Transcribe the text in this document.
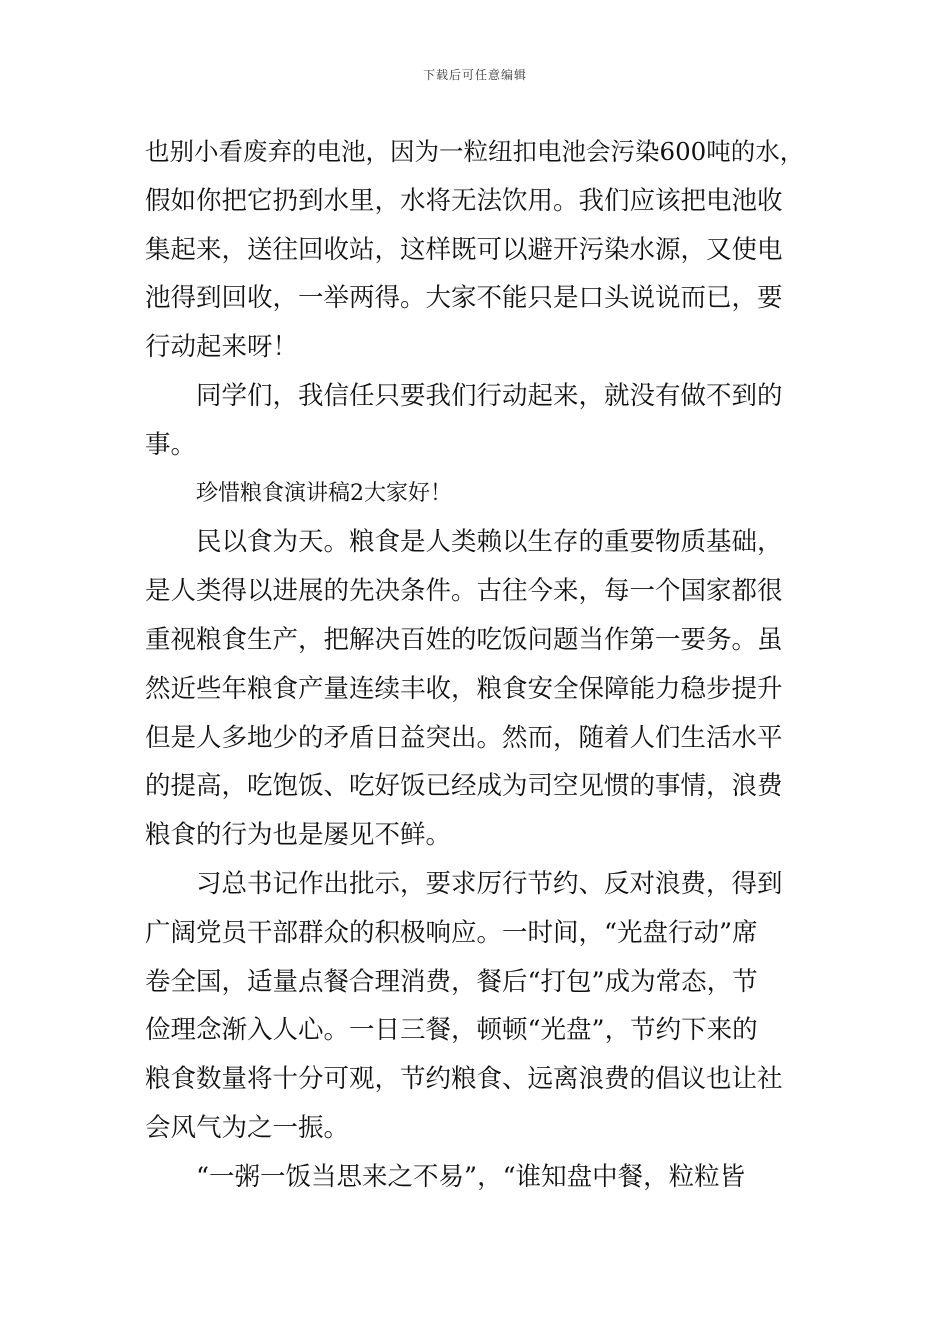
下载后可任意编辑
也别小看废弃的电池，因为一粒纽扣电池会污染600吨的水，
假如你把它扔到水里，水将无法饮用。我们应该把电池收
集起来，送往回收站，这样既可以避开污染水源，又使电
池得到回收，一举两得。大家不能只是口头说说而已，要
行动起来呀！
同学们，我信任只要我们行动起来，就没有做不到的
事。
珍惜粮食演讲稿2大家好！
民以食为天。粮食是人类赖以生存的重要物质基础，
是人类得以进展的先决条件。古往今来，每一个国家都很
重视粮食生产，把解决百姓的吃饭问题当作第一要务。虽
然近些年粮食产量连续丰收，粮食安全保障能力稳步提升
但是人多地少的矛盾日益突出。然而，随着人们生活水平
的提高，吃饱饭、吃好饭已经成为司空见惯的事情，浪费
粮食的行为也是屡见不鲜。
习总书记作出批示，要求厉行节约、反对浪费，得到
广阔党员干部群众的积极响应。一时间，“光盘行动”席
卷全国，适量点餐合理消费，餐后“打包”成为常态，节
俭理念渐入人心。一日三餐，顿顿“光盘”，节约下来的
粮食数量将十分可观，节约粮食、远离浪费的倡议也让社
会风气为之一振。
“一粥一饭当思来之不易”，“谁知盘中餐，粒粒皆
